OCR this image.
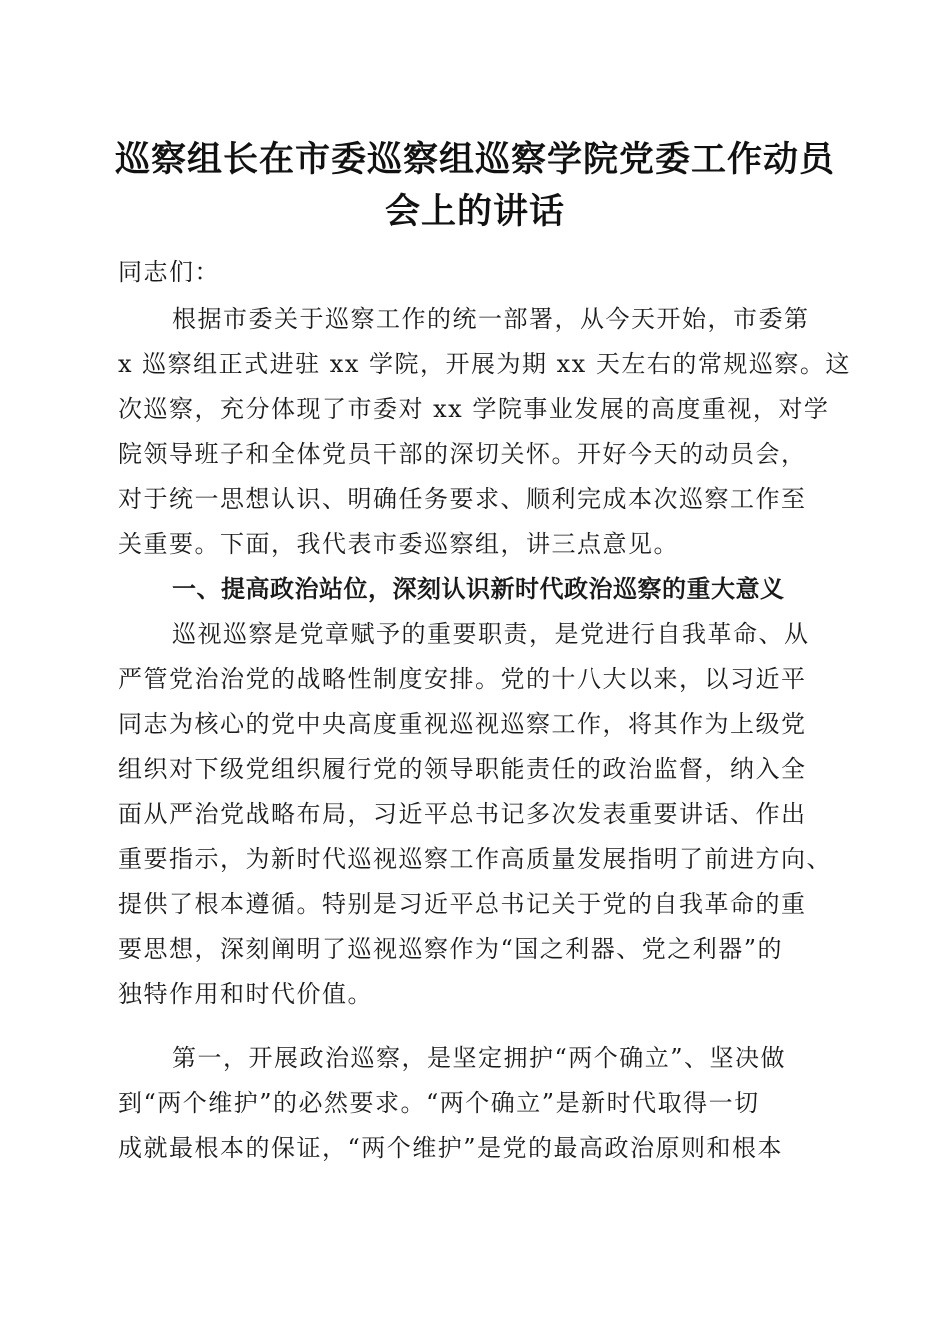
巡察组长在市委巡察组巡察学院党委工作动员
会上的讲话
同志们：
根据市委关于巡察工作的统一部署，从今天开始，市委第
x 巡察组正式进驻 xx 学院，开展为期 xx 天左右的常规巡察。这
次巡察，充分体现了市委对 xx 学院事业发展的高度重视，对学
院领导班子和全体党员干部的深切关怀。开好今天的动员会，
对于统一思想认识、明确任务要求、顺利完成本次巡察工作至
关重要。下面，我代表市委巡察组，讲三点意见。
一、提高政治站位，深刻认识新时代政治巡察的重大意义
巡视巡察是党章赋予的重要职责，是党进行自我革命、从
严管党治治党的战略性制度安排。党的十八大以来，以习近平
同志为核心的党中央高度重视巡视巡察工作，将其作为上级党
组织对下级党组织履行党的领导职能责任的政治监督，纳入全
面从严治党战略布局，习近平总书记多次发表重要讲话、作出
重要指示，为新时代巡视巡察工作高质量发展指明了前进方向、
提供了根本遵循。特别是习近平总书记关于党的自我革命的重
要思想，深刻阐明了巡视巡察作为“国之利器、党之利器”的
独特作用和时代价值。
第一，开展政治巡察，是坚定拥护“两个确立”、坚决做
到“两个维护”的必然要求。“两个确立”是新时代取得一切
成就最根本的保证，“两个维护”是党的最高政治原则和根本
